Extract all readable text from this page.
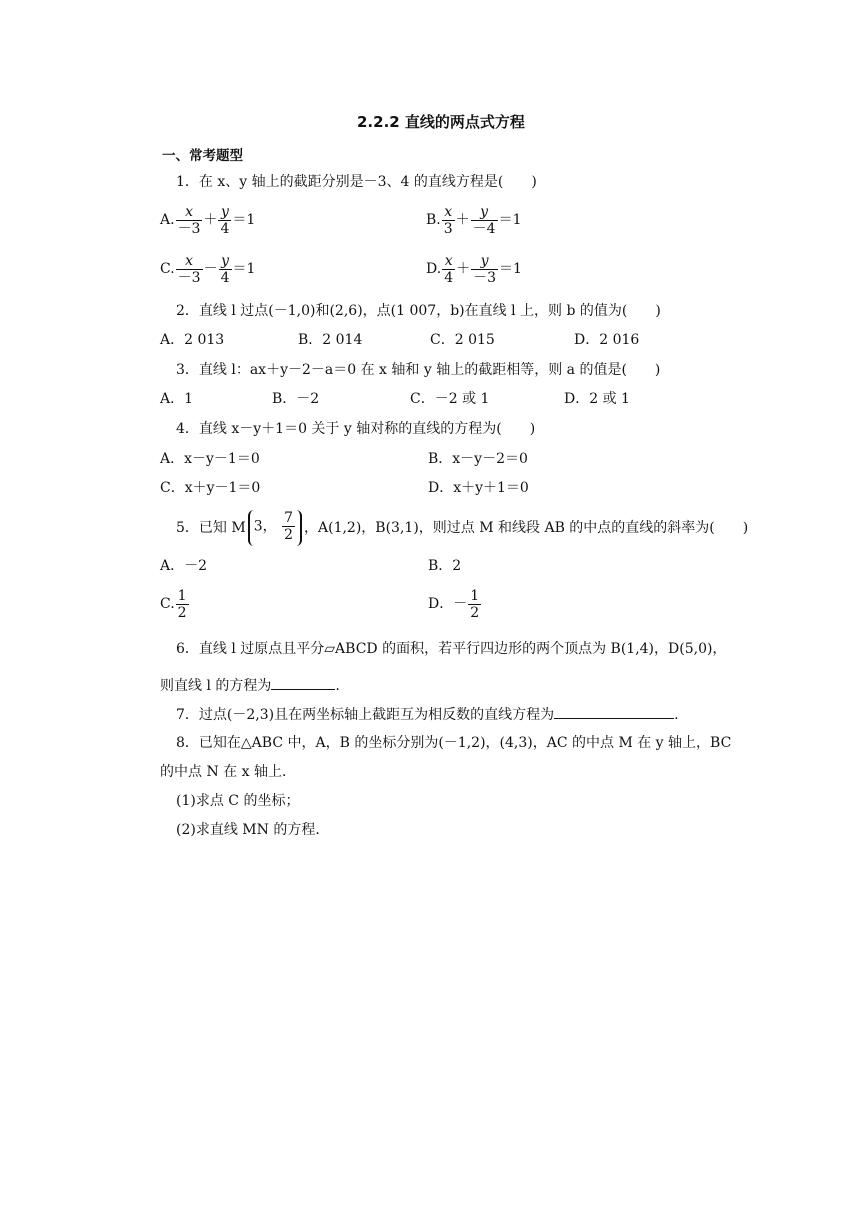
2.2.2 直线的两点式方程
一、常考题型
1．在 x、y 轴上的截距分别是－3、4 的直线方程是(　　)
A. $\frac{x}{-3} + \frac{y}{4} =1$	B. $\frac{x}{3} + \frac{y}{-4} =1$
C. $\frac{x}{-3} - \frac{y}{4} =1$	D. $\frac{x}{4} + \frac{y}{-3} =1$
2．直线 l 过点(－1,0)和(2,6)，点(1 007，b)在直线 l 上，则 b 的值为(　　)
A．2 013	B．2 014	C．2 015	D．2 016
3．直线 l：ax＋y－2－a＝0 在 x 轴和 y 轴上的截距相等，则 a 的值是(　　)
A．1	B．－2	C．－2 或 1	D．2 或 1
4．直线 x－y＋1＝0 关于 y 轴对称的直线的方程为(　　)
A．x－y－1＝0	B．x－y－2＝0
C．x＋y－1＝0	D．x＋y＋1＝0
5．已知 M 3， $\frac{7}{2}$ ，A(1,2)，B(3,1)，则过点 M 和线段 AB 的中点的直线的斜率为(　　)
A．－2	B．2
C. $\frac{1}{2}$	D．－ $\frac{1}{2}$
6．直线 l 过原点且平分▱ABCD 的面积，若平行四边形的两个顶点为 B(1,4)，D(5,0)，
则直线 l 的方程为	.
7．过点(－2,3)且在两坐标轴上截距互为相反数的直线方程为	.
8．已知在△ABC 中，A，B 的坐标分别为(－1,2)，(4,3)，AC 的中点 M 在 y 轴上，BC
的中点 N 在 x 轴上．
(1)求点 C 的坐标；
(2)求直线 MN 的方程．
